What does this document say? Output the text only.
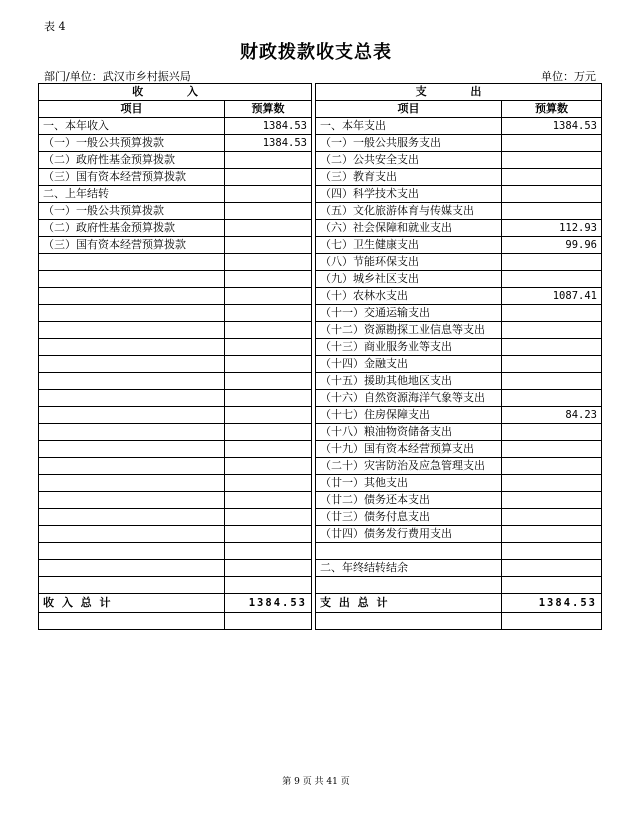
表 4
财政拨款收支总表
部门/单位：武汉市乡村振兴局	单位：万元
收 入			支 出	
项目	预算数		项目	预算数
一、本年收入	1384.53		一、本年支出	1384.53
（一）一般公共预算拨款	1384.53		（一）一般公共服务支出	
（二）政府性基金预算拨款			（二）公共安全支出	
（三）国有资本经营预算拨款			（三）教育支出	
二、上年结转			（四）科学技术支出	
（一）一般公共预算拨款			（五）文化旅游体育与传媒支出	
（二）政府性基金预算拨款			（六）社会保障和就业支出	112.93
（三）国有资本经营预算拨款			（七）卫生健康支出	99.96
			（八）节能环保支出	
			（九）城乡社区支出	
			（十）农林水支出	1087.41
			（十一）交通运输支出	
			（十二）资源勘探工业信息等支出	
			（十三）商业服务业等支出	
			（十四）金融支出	
			（十五）援助其他地区支出	
			（十六）自然资源海洋气象等支出	
			（十七）住房保障支出	84.23
			（十八）粮油物资储备支出	
			（十九）国有资本经营预算支出	
			（二十）灾害防治及应急管理支出	
			（廿一）其他支出	
			（廿二）债务还本支出	
			（廿三）债务付息支出	
			（廿四）债务发行费用支出	

			二、年终结转结余	

收 入 总 计	1384.53		支 出 总 计	1384.53

第 9 页 共 41 页
